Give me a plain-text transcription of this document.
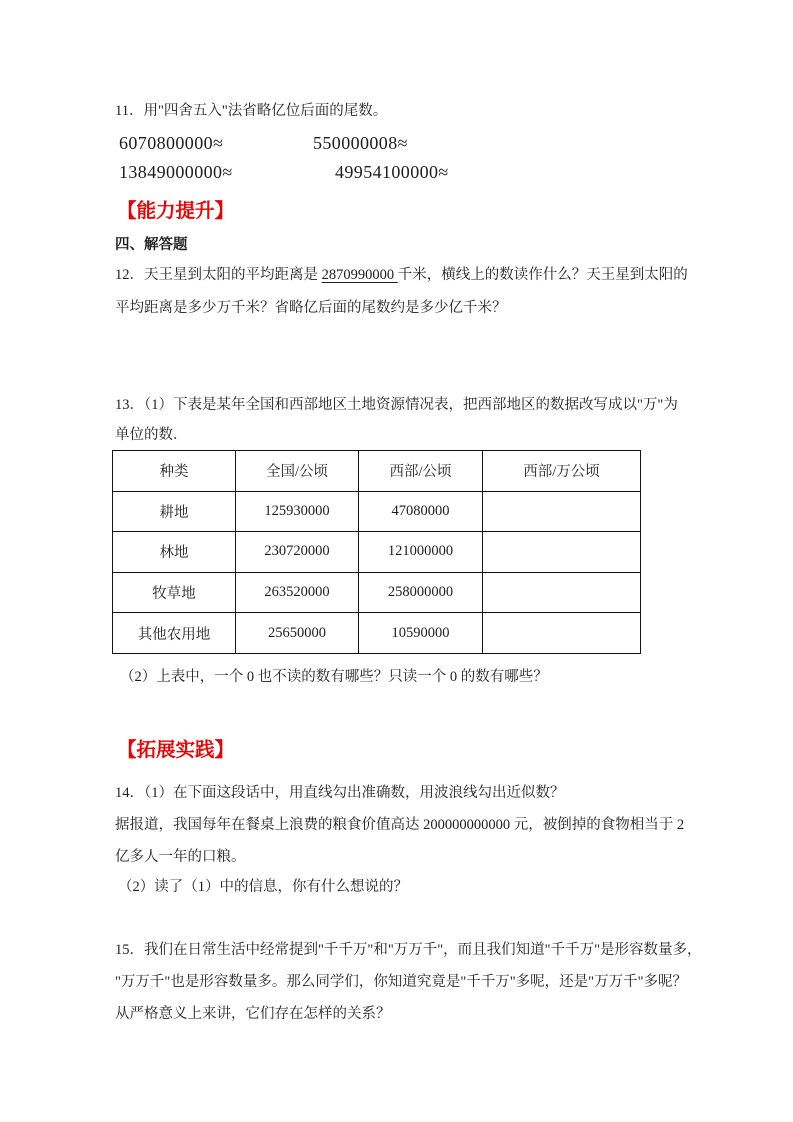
11．用"四舍五入"法省略亿位后面的尾数。
6070800000≈	550000008≈
13849000000≈	49954100000≈
【能力提升】
四、解答题
12．天王星到太阳的平均距离是 2870990000 千米，横线上的数读作什么？天王星到太阳的
平均距离是多少万千米？省略亿后面的尾数约是多少亿千米？
13．（1）下表是某年全国和西部地区土地资源情况表，把西部地区的数据改写成以"万"为
单位的数．
种类	全国/公顷	西部/公顷	西部/万公顷
耕地	125930000	47080000	
林地	230720000	121000000	
牧草地	263520000	258000000	
其他农用地	25650000	10590000	
（2）上表中，一个 0 也不读的数有哪些？只读一个 0 的数有哪些？
【拓展实践】
14．（1）在下面这段话中，用直线勾出准确数，用波浪线勾出近似数？
据报道，我国每年在餐桌上浪费的粮食价值高达 200000000000 元，被倒掉的食物相当于 2
亿多人一年的口粮。
（2）读了（1）中的信息，你有什么想说的？
15．我们在日常生活中经常提到"千千万"和"万万千"，而且我们知道"千千万"是形容数量多，
"万万千"也是形容数量多。那么同学们，你知道究竟是"千千万"多呢，还是"万万千"多呢？
从严格意义上来讲，它们存在怎样的关系？
